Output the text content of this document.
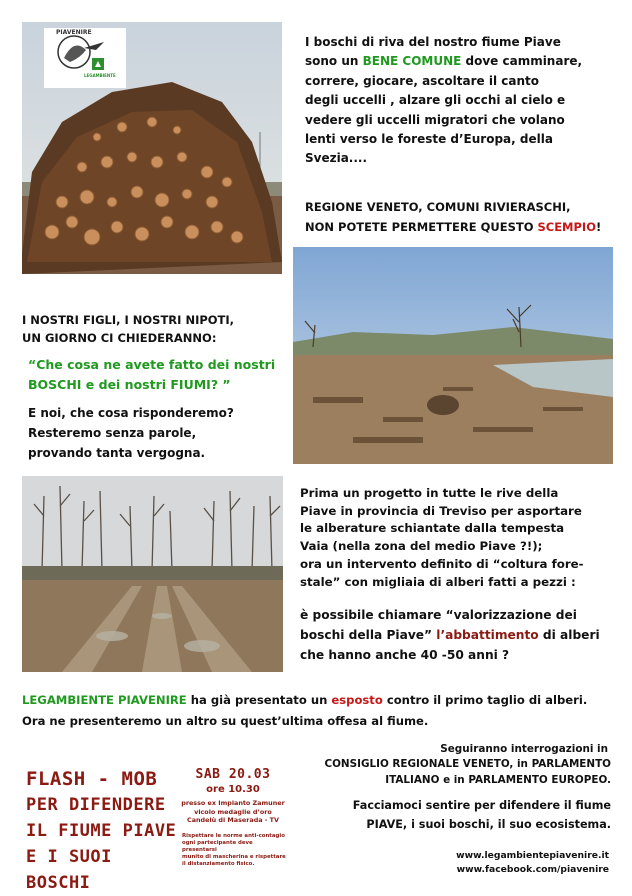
PIAVENIRE
LEGAMBIENTE
I boschi di riva del nostro fiume Piave
sono un BENE COMUNE dove camminare,
correre, giocare, ascoltare il canto
degli uccelli , alzare gli occhi al cielo e
vedere gli uccelli migratori che volano
lenti verso le foreste d’Europa, della
Svezia....
REGIONE VENETO, COMUNI RIVIERASCHI,
NON POTETE PERMETTERE QUESTO SCEMPIO!
I NOSTRI FIGLI, I NOSTRI NIPOTI,
UN GIORNO CI CHIEDERANNO:
“Che cosa ne avete fatto dei nostri
BOSCHI e dei nostri FIUMI? ”
E noi, che cosa risponderemo?
Resteremo senza parole,
provando tanta vergogna.
Prima un progetto in tutte le rive della
Piave in provincia di Treviso per asportare
le alberature schiantate dalla tempesta
Vaia (nella zona del medio Piave ?!);
ora un intervento definito di “coltura fore-
stale” con migliaia di alberi fatti a pezzi :
è possibile chiamare “valorizzazione dei
boschi della Piave” l’abbattimento di alberi
che hanno anche 40 -50 anni ?
LEGAMBIENTE PIAVENIRE ha già presentato un esposto contro il primo taglio di alberi.
Ora ne presenteremo un altro su quest’ultima offesa al fiume.
FLASH - MOB
PER DIFENDERE
IL FIUME PIAVE
E I SUOI BOSCHI
SAB 20.03
ore 10.30
presso ex Impianto Zamuner
vicolo medaglie d’oro
Candelù di Maserada - TV
Rispettare le norme anti-contagio
ogni partecipante deve presentarsi
munito di mascherina e rispettare
il distanziamento fisico.
Seguiranno interrogazioni in
CONSIGLIO REGIONALE VENETO, in PARLAMENTO
ITALIANO e in PARLAMENTO EUROPEO.
Facciamoci sentire per difendere il fiume
PIAVE, i suoi boschi, il suo ecosistema.
www.legambientepiavenire.it
www.facebook.com/piavenire
